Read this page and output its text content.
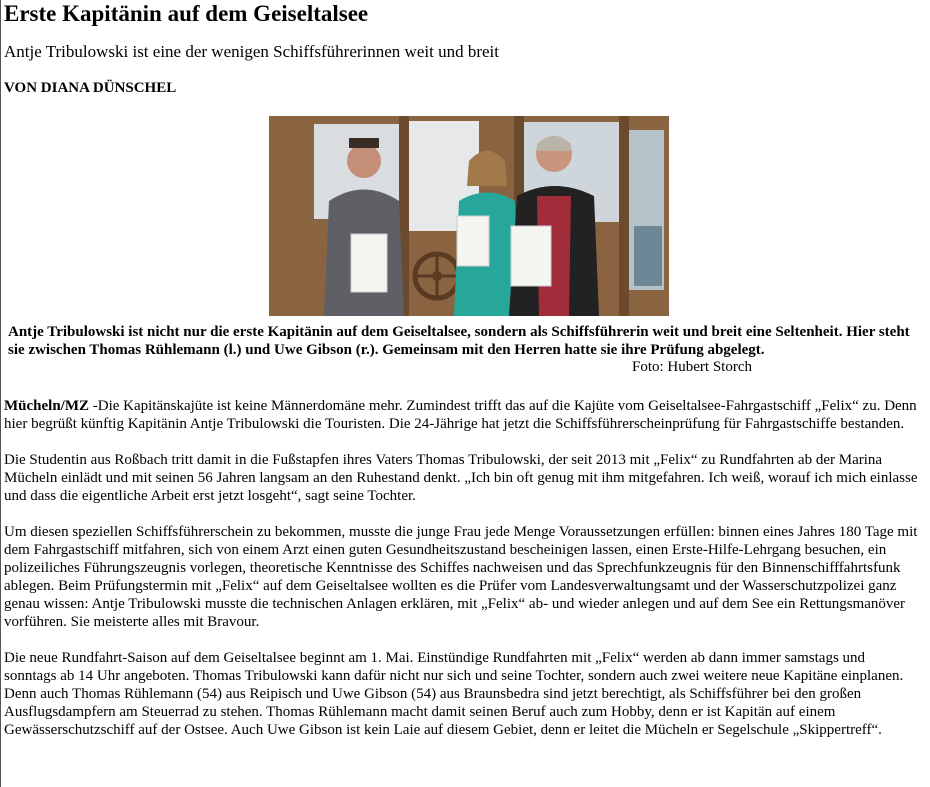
Erste Kapitänin auf dem Geiseltalsee
Antje Tribulowski ist eine der wenigen Schiffsführerinnen weit und breit
VON DIANA DÜNSCHEL
Antje Tribulowski ist nicht nur die erste Kapitänin auf dem Geiseltalsee, sondern als Schiffsführerin weit und breit eine Seltenheit. Hier steht sie zwischen Thomas Rühlemann (l.) und Uwe Gibson (r.). Gemeinsam mit den Herren hatte sie ihre Prüfung abgelegt.
Foto: Hubert Storch

Mücheln/MZ -Die Kapitänskajüte ist keine Männerdomäne mehr. Zumindest trifft das auf die Kajüte vom Geiseltalsee-Fahrgastschiff „Felix“ zu. Denn hier begrüßt künftig Kapitänin Antje Tribulowski die Touristen. Die 24-Jährige hat jetzt die Schiffsführerscheinprüfung für Fahrgastschiffe bestanden.

Die Studentin aus Roßbach tritt damit in die Fußstapfen ihres Vaters Thomas Tribulowski, der seit 2013 mit „Felix“ zu Rundfahrten ab der Marina Mücheln einlädt und mit seinen 56 Jahren langsam an den Ruhestand denkt. „Ich bin oft genug mit ihm mitgefahren. Ich weiß, worauf ich mich einlasse und dass die eigentliche Arbeit erst jetzt losgeht“, sagt seine Tochter.

Um diesen speziellen Schiffsführerschein zu bekommen, musste die junge Frau jede Menge Voraussetzungen erfüllen: binnen eines Jahres 180 Tage mit dem Fahrgastschiff mitfahren, sich von einem Arzt einen guten Gesundheitszustand bescheinigen lassen, einen Erste-Hilfe-Lehrgang besuchen, ein polizeiliches Führungszeugnis vorlegen, theoretische Kenntnisse des Schiffes nachweisen und das Sprechfunkzeugnis für den Binnenschifffahrtsfunk ablegen. Beim Prüfungstermin mit „Felix“ auf dem Geiseltalsee wollten es die Prüfer vom Landesverwaltungsamt und der Wasserschutzpolizei ganz genau wissen: Antje Tribulowski musste die technischen Anlagen erklären, mit „Felix“ ab- und wieder anlegen und auf dem See ein Rettungsmanöver vorführen. Sie meisterte alles mit Bravour.

Die neue Rundfahrt-Saison auf dem Geiseltalsee beginnt am 1. Mai. Einstündige Rundfahrten mit „Felix“ werden ab dann immer samstags und sonntags ab 14 Uhr angeboten. Thomas Tribulowski kann dafür nicht nur sich und seine Tochter, sondern auch zwei weitere neue Kapitäne einplanen.

Denn auch Thomas Rühlemann (54) aus Reipisch und Uwe Gibson (54) aus Braunsbedra sind jetzt berechtigt, als Schiffsführer bei den großen Ausflugsdampfern am Steuerrad zu stehen. Thomas Rühlemann macht damit seinen Beruf auch zum Hobby, denn er ist Kapitän auf einem Gewässerschutzschiff auf der Ostsee. Auch Uwe Gibson ist kein Laie auf diesem Gebiet, denn er leitet die Mücheln er Segelschule „Skippertreff“.
